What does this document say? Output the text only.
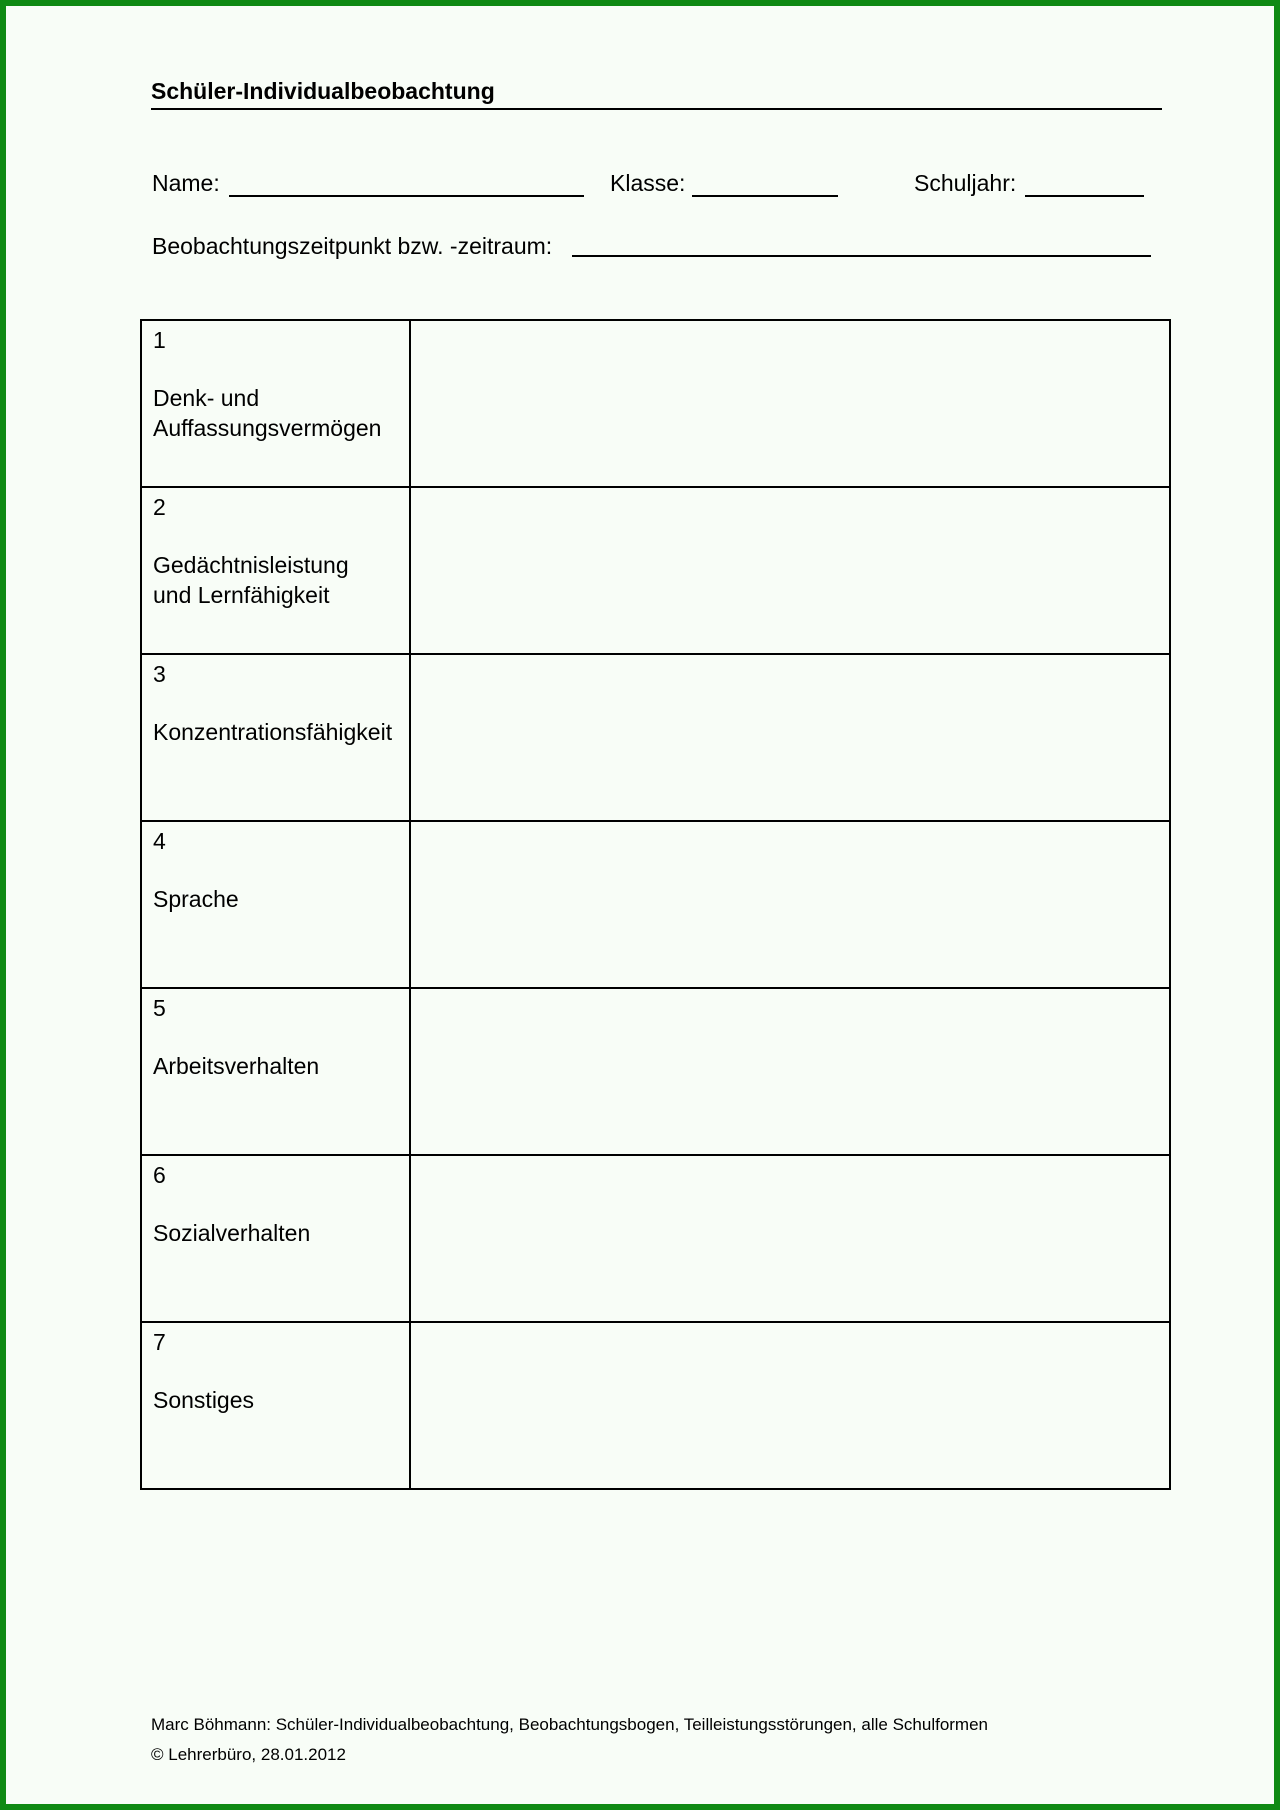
Schüler-Individualbeobachtung
Name:	Klasse:	Schuljahr:
Beobachtungszeitpunkt bzw. -zeitraum:
1
Denk- und
Auffassungsvermögen	

2
Gedächtnisleistung
und Lernfähigkeit	

3
Konzentrationsfähigkeit	

4
Sprache	

5
Arbeitsverhalten	

6
Sozialverhalten	

7
Sonstiges	

Marc Böhmann: Schüler-Individualbeobachtung, Beobachtungsbogen, Teilleistungsstörungen, alle Schulformen
© Lehrerbüro, 28.01.2012
